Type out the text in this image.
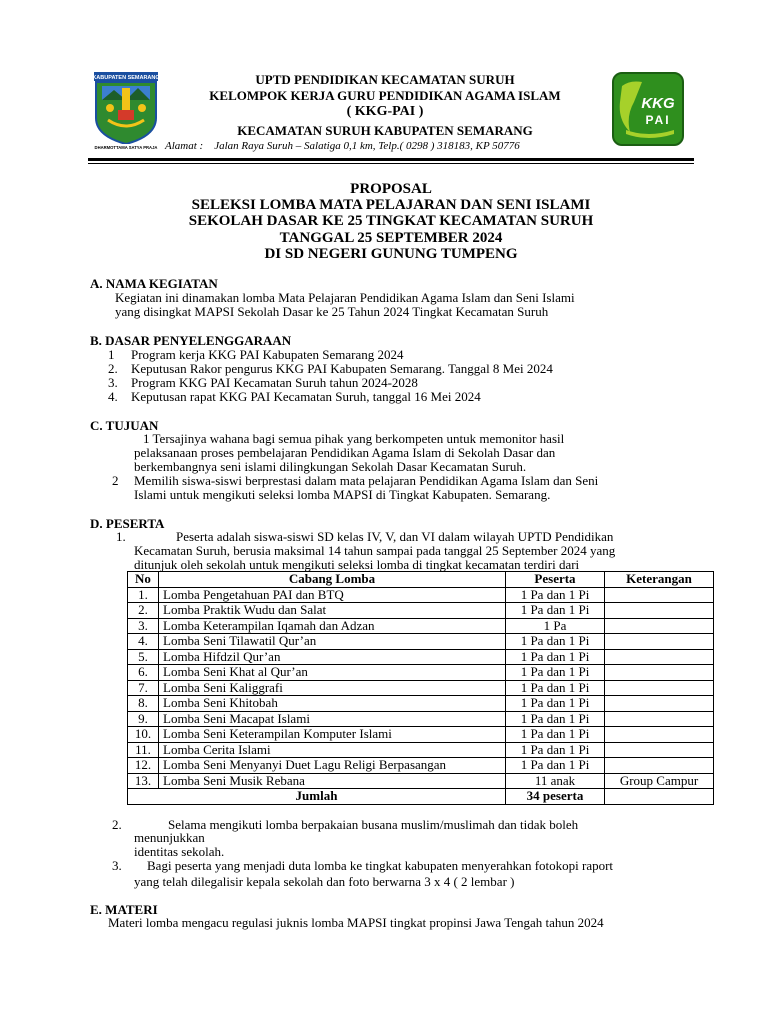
KABUPATEN SEMARANG
DHARMOTTAMA SATYA PRAJA
KKG
PAI
UPTD PENDIDIKAN KECAMATAN SURUH
KELOMPOK KERJA GURU PENDIDIKAN AGAMA ISLAM
( KKG-PAI )
KECAMATAN SURUH KABUPATEN SEMARANG
Alamat : Jalan Raya Suruh – Salatiga 0,1 km, Telp.( 0298 ) 318183, KP 50776
PROPOSAL
SELEKSI LOMBA MATA PELAJARAN DAN SENI ISLAMI
SEKOLAH DASAR KE 25 TINGKAT KECAMATAN SURUH
TANGGAL 25 SEPTEMBER 2024
DI SD NEGERI GUNUNG TUMPENG
A. NAMA KEGIATAN
Kegiatan ini dinamakan lomba Mata Pelajaran Pendidikan Agama Islam dan Seni Islami
yang disingkat MAPSI Sekolah Dasar ke 25 Tahun 2024 Tingkat Kecamatan Suruh
B. DASAR PENYELENGGARAAN
1 Program kerja KKG PAI Kabupaten Semarang 2024
2. Keputusan Rakor pengurus KKG PAI Kabupaten Semarang. Tanggal 8 Mei 2024
3. Program KKG PAI Kecamatan Suruh tahun 2024-2028
4. Keputusan rapat KKG PAI Kecamatan Suruh, tanggal 16 Mei 2024
C. TUJUAN
1 Tersajinya wahana bagi semua pihak yang berkompeten untuk memonitor hasil
pelaksanaan proses pembelajaran Pendidikan Agama Islam di Sekolah Dasar dan
berkembangnya seni islami dilingkungan Sekolah Dasar Kecamatan Suruh.
2 Memilih siswa-siswi berprestasi dalam mata pelajaran Pendidikan Agama Islam dan Seni
Islami untuk mengikuti seleksi lomba MAPSI di Tingkat Kabupaten. Semarang.
D. PESERTA
1.	Peserta adalah siswa-siswi SD kelas IV, V, dan VI dalam wilayah UPTD Pendidikan
Kecamatan Suruh, berusia maksimal 14 tahun sampai pada tanggal 25 September 2024 yang
ditunjuk oleh sekolah untuk mengikuti seleksi lomba di tingkat kecamatan terdiri dari
No	Cabang Lomba	Peserta	Keterangan
1.	Lomba Pengetahuan PAI dan BTQ	1 Pa dan 1 Pi	
2.	Lomba Praktik Wudu dan Salat	1 Pa dan 1 Pi	
3.	Lomba Keterampilan Iqamah dan Adzan	1 Pa	
4.	Lomba Seni Tilawatil Qur’an	1 Pa dan 1 Pi	
5.	Lomba Hifdzil Qur’an	1 Pa dan 1 Pi	
6.	Lomba Seni Khat al Qur’an	1 Pa dan 1 Pi	
7.	Lomba Seni Kaliggrafi	1 Pa dan 1 Pi	
8.	Lomba Seni Khitobah	1 Pa dan 1 Pi	
9.	Lomba Seni Macapat Islami	1 Pa dan 1 Pi	
10.	Lomba Seni Keterampilan Komputer Islami	1 Pa dan 1 Pi	
11.	Lomba Cerita Islami	1 Pa dan 1 Pi	
12.	Lomba Seni Menyanyi Duet Lagu Religi Berpasangan	1 Pa dan 1 Pi	
13.	Lomba Seni Musik Rebana	11 anak	Group Campur
Jumlah		34 peserta	
2.	Selama mengikuti lomba berpakaian busana muslim/muslimah dan tidak boleh
menunjukkan
identitas sekolah.
3. Bagi peserta yang menjadi duta lomba ke tingkat kabupaten menyerahkan fotokopi raport
yang telah dilegalisir kepala sekolah dan foto berwarna 3 x 4 ( 2 lembar )
E. MATERI
Materi lomba mengacu regulasi juknis lomba MAPSI tingkat propinsi Jawa Tengah tahun 2024
